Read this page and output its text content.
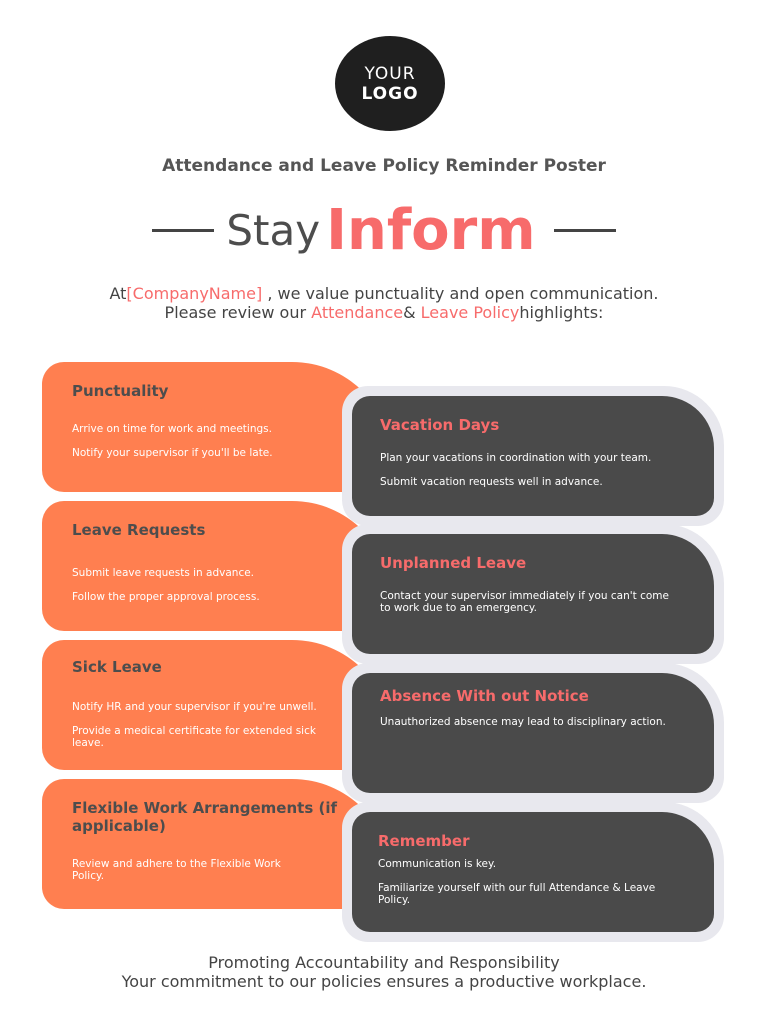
YOUR
LOGO
Attendance and Leave Policy Reminder Poster
Stay Inform
At[CompanyName] , we value punctuality and open communication.
Please review our Attendance& Leave Policyhighlights:
Punctuality
Arrive on time for work and meetings.
Notify your supervisor if you'll be late.
Leave Requests
Submit leave requests in advance.
Follow the proper approval process.
Sick Leave
Notify HR and your supervisor if you're unwell.
Provide a medical certificate for extended sick leave.
Flexible Work Arrangements (if applicable)
Review and adhere to the Flexible Work Policy.
Vacation Days
Plan your vacations in coordination with your team.
Submit vacation requests well in advance.
Unplanned Leave
Contact your supervisor immediately if you can't come to work due to an emergency.
Absence With out Notice
Unauthorized absence may lead to disciplinary action.
Remember
Communication is key.
Familiarize yourself with our full Attendance & Leave Policy.
Promoting Accountability and Responsibility
Your commitment to our policies ensures a productive workplace.
